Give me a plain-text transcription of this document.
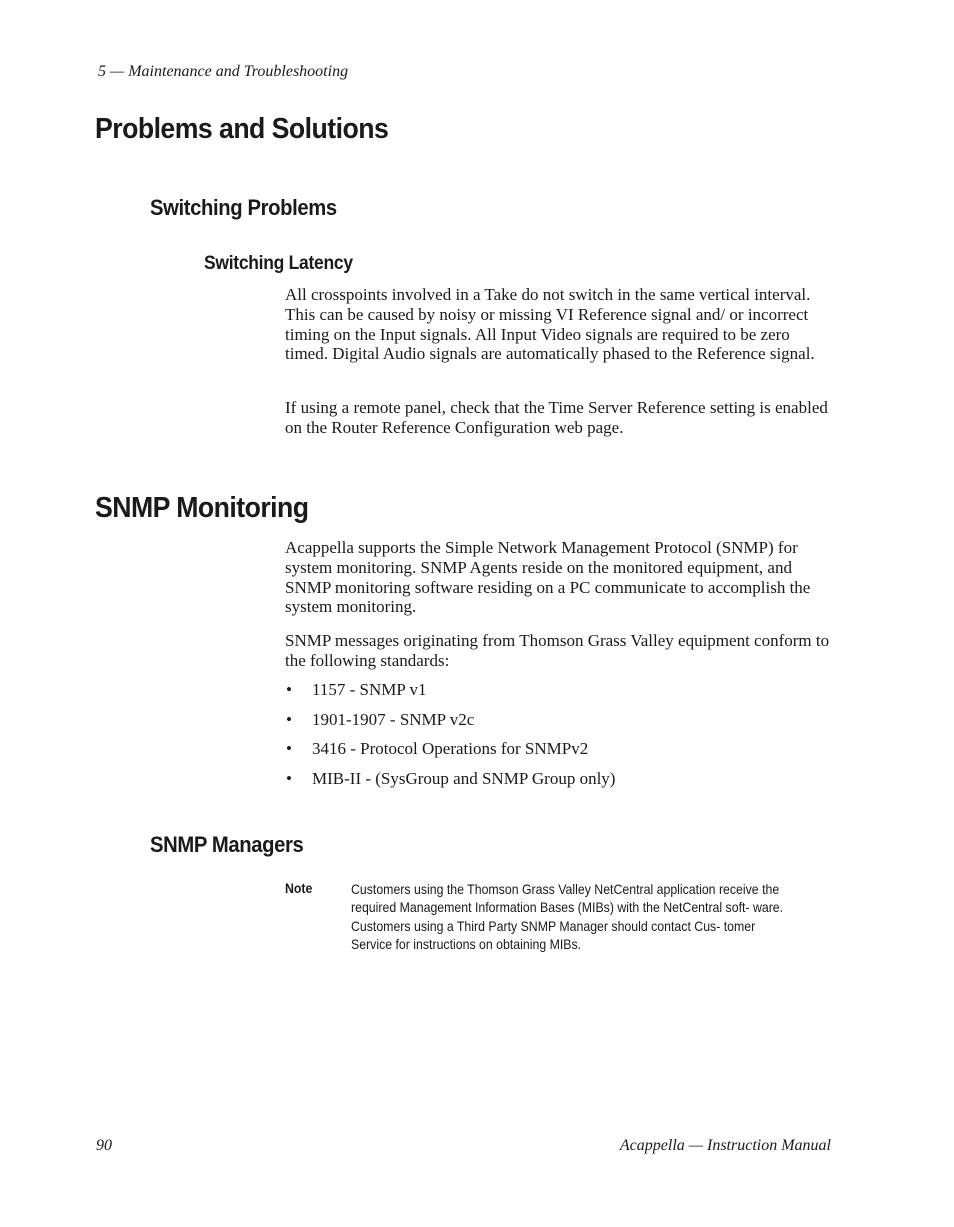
5 — Maintenance and Troubleshooting

Problems and Solutions
Switching Problems
Switching Latency

All crosspoints involved in a Take do not switch in the same vertical interval. This can be caused by noisy or missing VI Reference signal and/ or incorrect timing on the Input signals. All Input Video signals are required to be zero timed. Digital Audio signals are automatically phased to the Reference signal.

If using a remote panel, check that the Time Server Reference setting is enabled on the Router Reference Configuration web page.

SNMP Monitoring

Acappella supports the Simple Network Management Protocol (SNMP) for system monitoring. SNMP Agents reside on the monitored equipment, and SNMP monitoring software residing on a PC communicate to accomplish the system monitoring.

SNMP messages originating from Thomson Grass Valley equipment conform to the following standards:

• 1157 - SNMP v1
• 1901-1907 - SNMP v2c
• 3416 - Protocol Operations for SNMPv2
• MIB-II - (SysGroup and SNMP Group only)
SNMP Managers

Note	Customers using the Thomson Grass Valley NetCentral application receive the required Management Information Bases (MIBs) with the NetCentral soft- ware. Customers using a Third Party SNMP Manager should contact Cus- tomer Service for instructions on obtaining MIBs.

90	Acappella — Instruction Manual
